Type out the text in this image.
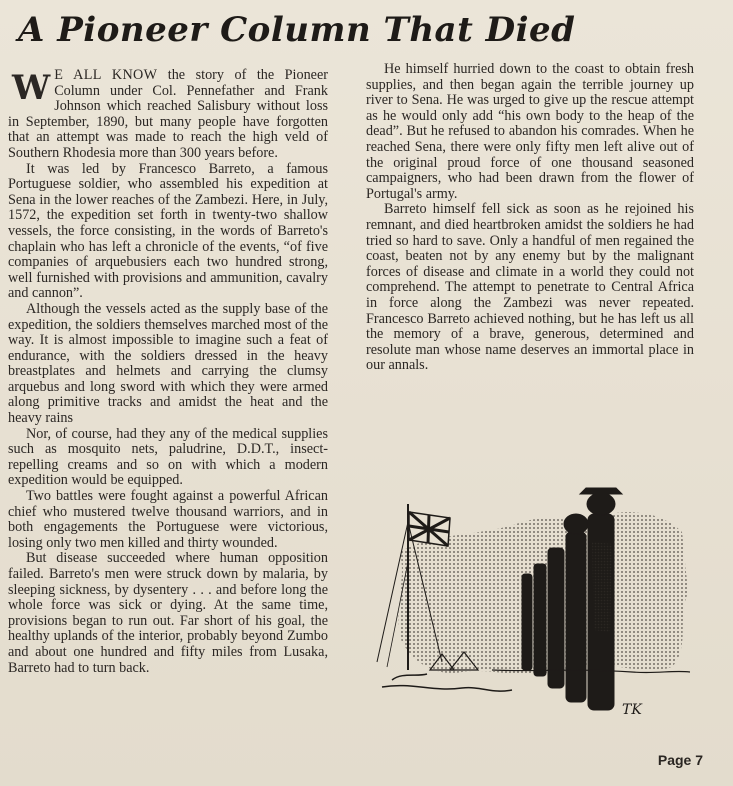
A Pioneer Column That Died

W E ALL KNOW the story of the Pioneer Column under Col. Pennefather and Frank Johnson which reached Salisbury without loss in September, 1890, but many people have forgotten that an attempt was made to reach the high veld of Southern Rhodesia more than 300 years before.

It was led by Francesco Barreto, a famous Portuguese soldier, who assembled his expedition at Sena in the lower reaches of the Zambezi. Here, in July, 1572, the expedition set forth in twenty-two shallow vessels, the force consisting, in the words of Barreto's chaplain who has left a chronicle of the events, “of five companies of arquebusiers each two hundred strong, well furnished with provisions and ammunition, cavalry and cannon”.

Although the vessels acted as the supply base of the expedition, the soldiers themselves marched most of the way. It is almost impossible to imagine such a feat of endurance, with the soldiers dressed in the heavy breastplates and helmets and carrying the clumsy arquebus and long sword with which they were armed along primitive tracks and amidst the heat and the heavy rains

Nor, of course, had they any of the medical supplies such as mosquito nets, paludrine, D.D.T., insect-repelling creams and so on with which a modern expedition would be equipped.

Two battles were fought against a powerful African chief who mustered twelve thousand warriors, and in both engagements the Portuguese were victorious, losing only two men killed and thirty wounded.

But disease succeeded where human opposition failed. Barreto's men were struck down by malaria, by sleeping sickness, by dysentery . . . and before long the whole force was sick or dying. At the same time, provisions began to run out. Far short of his goal, the healthy uplands of the interior, probably beyond Zumbo and about one hundred and fifty miles from Lusaka, Barreto had to turn back.

He himself hurried down to the coast to obtain fresh supplies, and then began again the terrible journey up river to Sena. He was urged to give up the rescue attempt as he would only add “his own body to the heap of the dead”. But he refused to abandon his comrades. When he reached Sena, there were only fifty men left alive out of the original proud force of one thousand seasoned campaigners, who had been drawn from the flower of Portugal's army.

Barreto himself fell sick as soon as he rejoined his remnant, and died heartbroken amidst the soldiers he had tried so hard to save. Only a handful of men regained the coast, beaten not by any enemy but by the malignant forces of disease and climate in a world they could not comprehend. The attempt to penetrate to Central Africa in force along the Zambezi was never repeated. Francesco Barreto achieved nothing, but he has left us all the memory of a brave, generous, determined and resolute man whose name deserves an immortal place in our annals.

TK
Page 7
